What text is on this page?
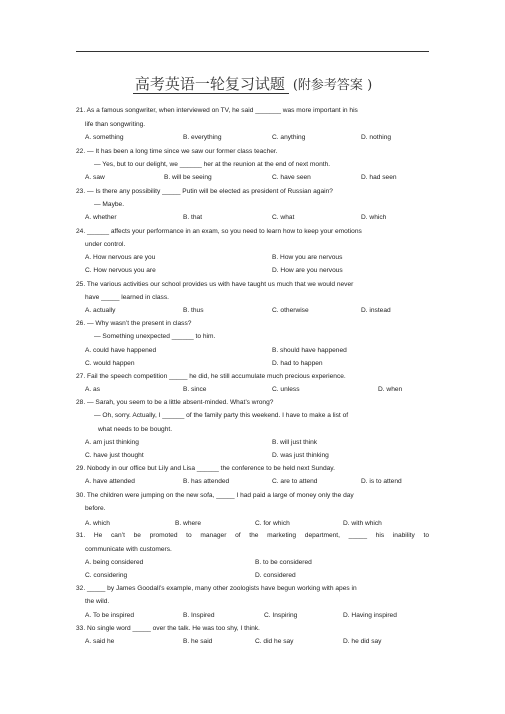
高考英语一轮复习试题 (附参考答案 )
21. As a famous songwriter, when interviewed on TV, he said _______ was more important in his
life than songwriting.
A. something	B. everything	C. anything	D. nothing
22. — It has been a long time since we saw our former class teacher.
— Yes, but to our delight, we ______ her at the reunion at the end of next month.
A. saw	B. will be seeing	C. have seen	D. had seen
23. — Is there any possibility _____ Putin will be elected as president of Russian again?
— Maybe.
A. whether	B. that	C. what	D. which
24. ______ affects your performance in an exam, so you need to learn how to keep your emotions
under control.
A. How nervous are you	B. How you are nervous
C. How nervous you are	D. How are you nervous
25. The various activities our school provides us with have taught us much that we would never
have _____ learned in class.
A. actually	B. thus	C. otherwise	D. instead
26. — Why wasn’t the present in class?
— Something unexpected ______ to him.
A. could have happened	B. should have happened
C. would happen	D. had to happen
27. Fail the speech competition _____ he did, he still accumulate much precious experience.
A. as	B. since	C. unless	D. when
28. — Sarah, you seem to be a little absent-minded. What’s wrong?
— Oh, sorry. Actually, I ______ of the family party this weekend. I have to make a list of
what needs to be bought.
A. am just thinking	B. will just think
C. have just thought	D. was just thinking
29. Nobody in our office but Lily and Lisa ______ the conference to be held next Sunday.
A. have attended	B. has attended	C. are to attend	D. is to attend
30. The children were jumping on the new sofa, _____ I had paid a large of money only the day
before.
A. which	B. where	C. for which	D. with which
31. He can’t be promoted to manager of the marketing department, _____ his inability to
communicate with customers.
A. being considered	B. to be considered
C. considering	D. considered
32. _____ by James Goodall’s example, many other zoologists have begun working with apes in
the wild.
A. To be inspired	B. Inspired	C. Inspiring	D. Having inspired
33. No single word _____ over the talk. He was too shy, I think.
A. said he	B. he said	C. did he say	D. he did say
